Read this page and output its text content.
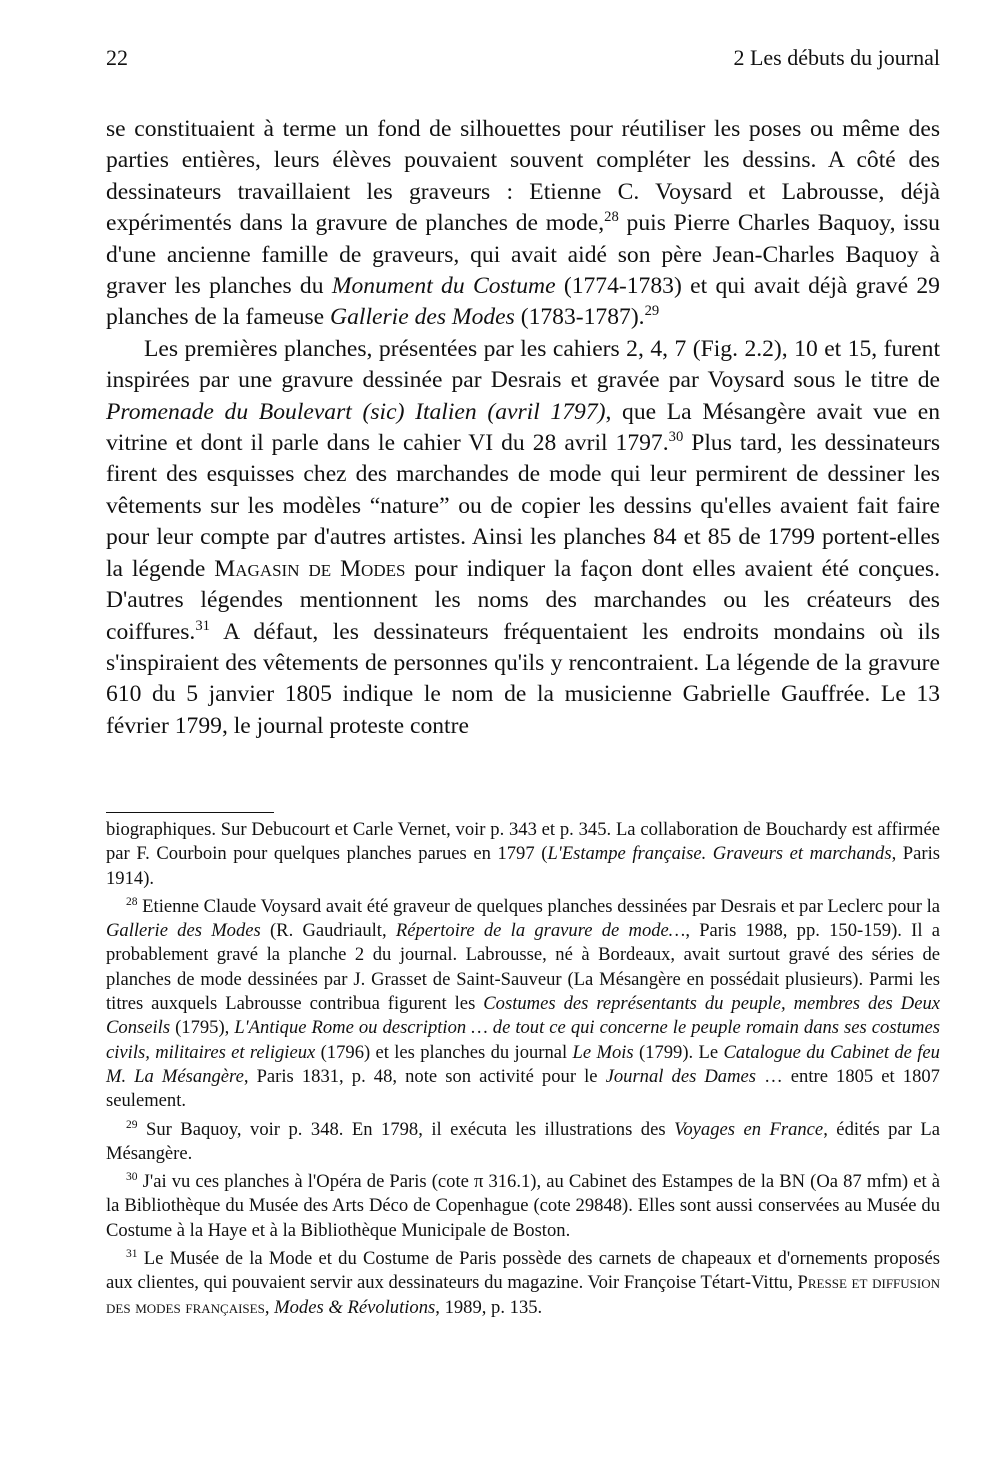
22	2 Les débuts du journal

se constituaient à terme un fond de silhouettes pour réutiliser les poses ou même des parties entières, leurs élèves pouvaient souvent compléter les dessins. A côté des dessinateurs travaillaient les graveurs : Etienne C. Voysard et Labrousse, déjà expérimentés dans la gravure de planches de mode,$^{28}$ puis Pierre Charles Baquoy, issu d'une ancienne famille de graveurs, qui avait aidé son père Jean-Charles Baquoy à graver les planches du Monument du Costume (1774-1783) et qui avait déjà gravé 29 planches de la fameuse Gallerie des Modes (1783-1787).$^{29}$

Les premières planches, présentées par les cahiers 2, 4, 7 (Fig. 2.2), 10 et 15, furent inspirées par une gravure dessinée par Desrais et gravée par Voysard sous le titre de Promenade du Boulevart (sic) Italien (avril 1797), que La Mésangère avait vue en vitrine et dont il parle dans le cahier VI du 28 avril 1797.30 Plus tard, les dessinateurs firent des esquisses chez des marchandes de mode qui leur permirent de dessiner les vêtements sur les modèles “nature” ou de copier les dessins qu'elles avaient fait faire pour leur compte par d'autres artistes. Ainsi les planches 84 et 85 de 1799 portent-elles la légende Magasin de Modes pour indiquer la façon dont elles avaient été conçues. D'autres légendes mentionnent les noms des marchandes ou les créateurs des coiffures.$^{31}$ A défaut, les dessinateurs fréquentaient les endroits mondains où ils s'inspiraient des vêtements de personnes qu'ils y rencontraient. La légende de la gravure 610 du 5 janvier 1805 indique le nom de la musicienne Gabrielle Gauffrée. Le 13 février 1799, le journal proteste contre

biographiques. Sur Debucourt et Carle Vernet, voir p. 343 et p. 345. La collaboration de Bouchardy est affirmée par F. Courboin pour quelques planches parues en 1797 (L'Estampe française. Graveurs et marchands, Paris 1914).

$^{28}$ Etienne Claude Voysard avait été graveur de quelques planches dessinées par Desrais et par Leclerc pour la Gallerie des Modes (R. Gaudriault, Répertoire de la gravure de mode…, Paris 1988, pp. 150-159). Il a probablement gravé la planche 2 du journal. Labrousse, né à Bordeaux, avait surtout gravé des séries de planches de mode dessinées par J. Grasset de Saint-Sauveur (La Mésangère en possédait plusieurs). Parmi les titres auxquels Labrousse contribua figurent les Costumes des représentants du peuple, membres des Deux Conseils (1795), L'Antique Rome ou description … de tout ce qui concerne le peuple romain dans ses costumes civils, militaires et religieux (1796) et les planches du journal Le Mois (1799). Le Catalogue du Cabinet de feu M. La Mésangère, Paris 1831, p. 48, note son activité pour le Journal des Dames … entre 1805 et 1807 seulement.

$^{29}$ Sur Baquoy, voir p. 348. En 1798, il exécuta les illustrations des Voyages en France, édités par La Mésangère.

$^{30}$ J'ai vu ces planches à l'Opéra de Paris (cote π 316.1), au Cabinet des Estampes de la BN (Oa 87 mfm) et à la Bibliothèque du Musée des Arts Déco de Copenhague (cote 29848). Elles sont aussi conservées au Musée du Costume à la Haye et à la Bibliothèque Municipale de Boston.

$^{31}$ Le Musée de la Mode et du Costume de Paris possède des carnets de chapeaux et d'ornements proposés aux clientes, qui pouvaient servir aux dessinateurs du magazine. Voir Françoise Tétart-Vittu, Presse et diffusion des modes françaises, Modes & Révolutions, 1989, p. 135.
